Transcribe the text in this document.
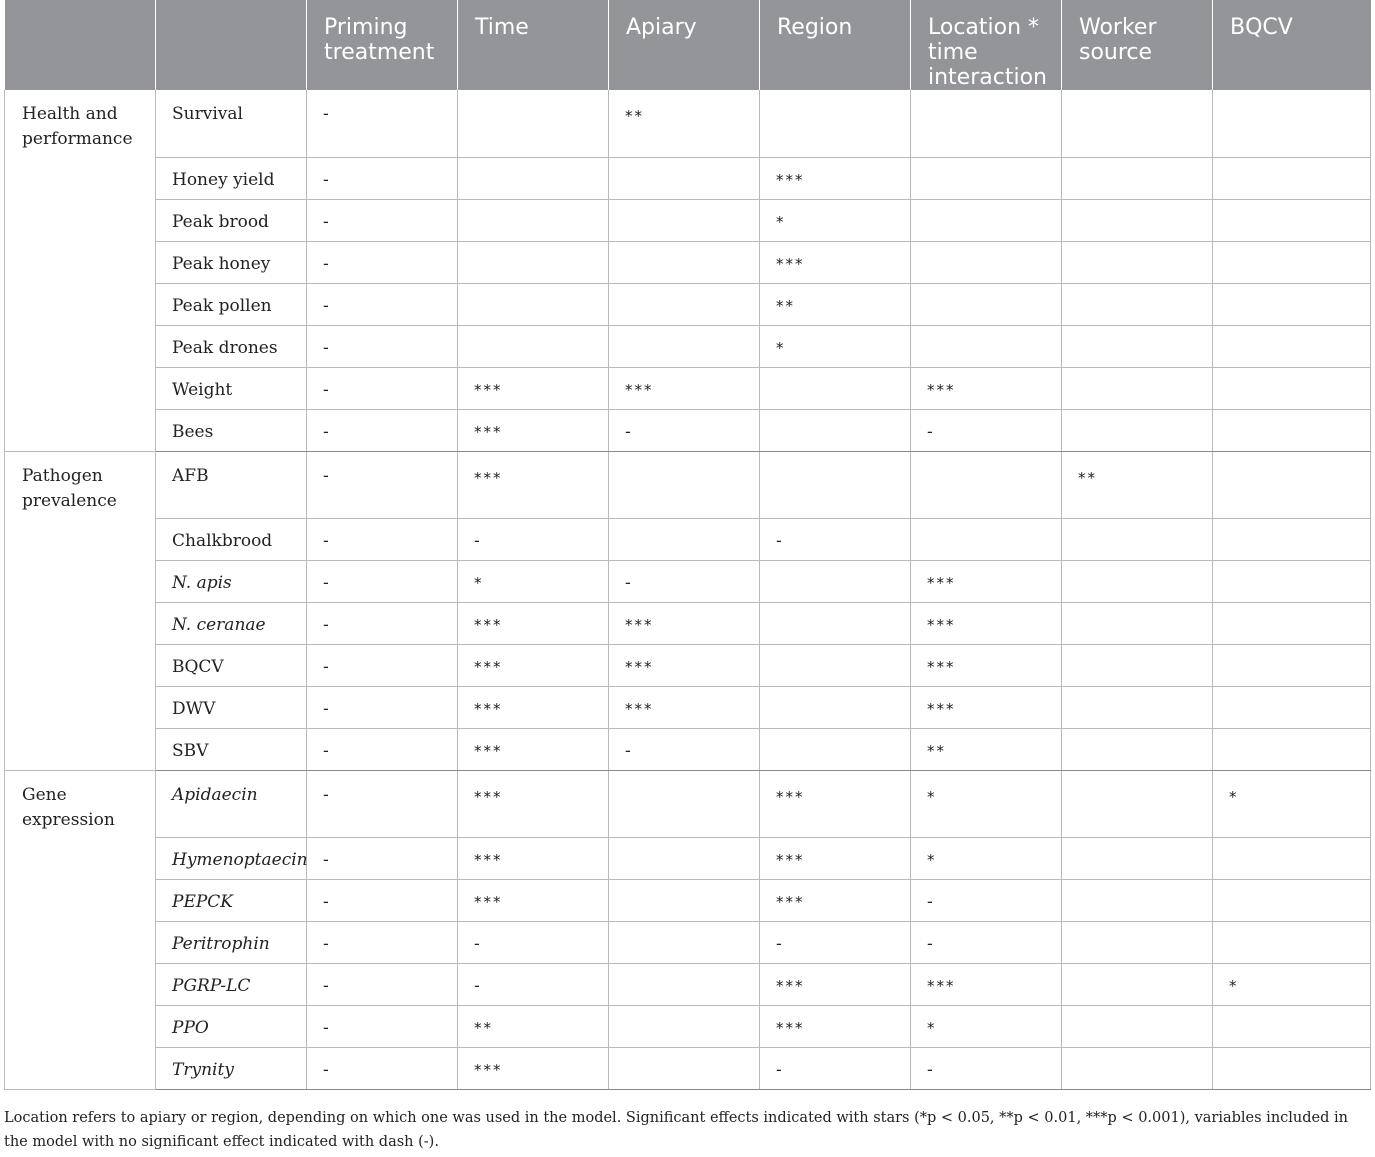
		Priming treatment	Time	Apiary	Region	Location * time interaction	Worker source	BQCV
Health and performance	Survival	-		**				
	Honey yield	-			***			
	Peak brood	-			*			
	Peak honey	-			***			
	Peak pollen	-			**			
	Peak drones	-			*			
	Weight	-	***	***		***		
	Bees	-	***	-		-		
Pathogen prevalence	AFB	-	***				**	
	Chalkbrood	-	-		-			
	N. apis	-	*	-		***		
	N. ceranae	-	***	***		***		
	BQCV	-	***	***		***		
	DWV	-	***	***		***		
	SBV	-	***	-		**		
Gene expression	Apidaecin	-	***		***	*		*
	Hymenoptaecin	-	***		***	*		
	PEPCK	-	***		***	-		
	Peritrophin	-	-		-	-		
	PGRP-LC	-	-		***	***		*
	PPO	-	**		***	*		
	Trynity	-	***		-	-		
Location refers to apiary or region, depending on which one was used in the model. Significant effects indicated with stars (*p < 0.05, **p < 0.01, ***p < 0.001), variables included in the model with no significant effect indicated with dash (-).
